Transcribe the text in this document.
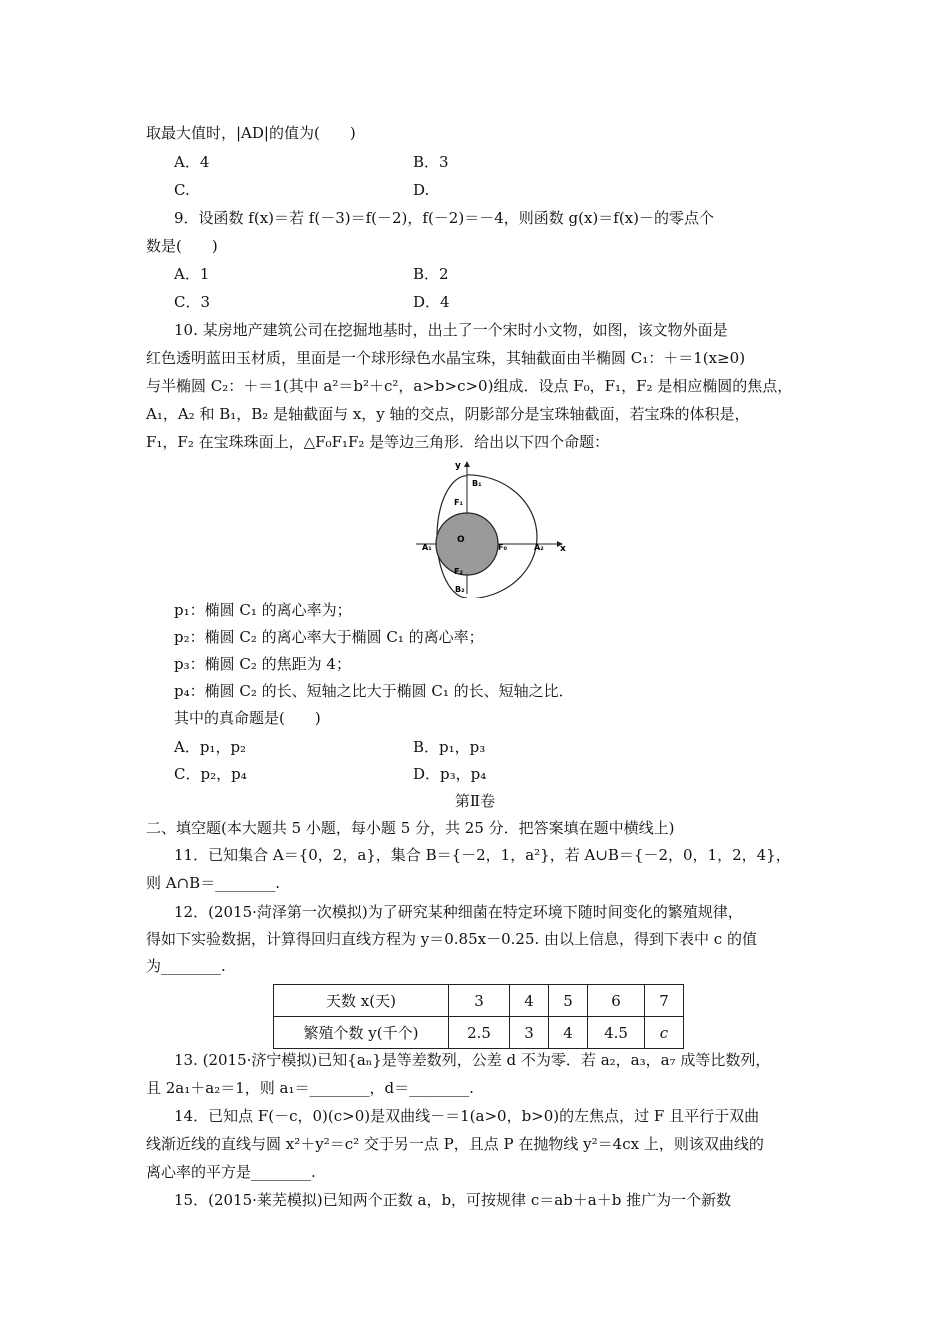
取最大值时，|AD|的值为(　　)
A．4	B．3
C.	D.
9．设函数 f(x)＝若 f(－3)＝f(－2)，f(－2)＝－4，则函数 g(x)＝f(x)－的零点个
数是(　　)
A．1	B．2
C．3	D．4
10. 某房地产建筑公司在挖掘地基时，出土了一个宋时小文物，如图，该文物外面是
红色透明蓝田玉材质，里面是一个球形绿色水晶宝珠，其轴截面由半椭圆 C₁：＋＝1(x≥0)
与半椭圆 C₂：＋＝1(其中 a²＝b²＋c²，a>b>c>0)组成．设点 F₀，F₁，F₂ 是相应椭圆的焦点，
A₁，A₂ 和 B₁，B₂ 是轴截面与 x，y 轴的交点，阴影部分是宝珠轴截面，若宝珠的体积是，
F₁，F₂ 在宝珠珠面上，△F₀F₁F₂ 是等边三角形．给出以下四个命题：
y
x
B₁
B₂
F₁
F₂
O
F₀
A₁	A₂
p₁：椭圆 C₁ 的离心率为；
p₂：椭圆 C₂ 的离心率大于椭圆 C₁ 的离心率；
p₃：椭圆 C₂ 的焦距为 4；
p₄：椭圆 C₂ 的长、短轴之比大于椭圆 C₁ 的长、短轴之比．
其中的真命题是(　　)
A．p₁，p₂	B．p₁，p₃
C．p₂，p₄	D．p₃，p₄
第Ⅱ卷
二、填空题(本大题共 5 小题，每小题 5 分，共 25 分．把答案填在题中横线上)
11．已知集合 A＝{0，2，a}，集合 B＝{－2，1，a²}，若 A∪B＝{－2，0，1，2，4}，
则 A∩B＝________.
12．(2015·菏泽第一次模拟)为了研究某种细菌在特定环境下随时间变化的繁殖规律，
得如下实验数据，计算得回归直线方程为 y＝0.85x－0.25. 由以上信息，得到下表中 c 的值
为________.
天数 x(天)	3	4	5	6	7
繁殖个数 y(千个)	2.5	3	4	4.5	c
13. (2015·济宁模拟)已知{aₙ}是等差数列，公差 d 不为零．若 a₂，a₃，a₇ 成等比数列，
且 2a₁＋a₂＝1，则 a₁＝________，d＝________.
14．已知点 F(－c，0)(c>0)是双曲线－＝1(a>0，b>0)的左焦点，过 F 且平行于双曲
线渐近线的直线与圆 x²＋y²＝c² 交于另一点 P，且点 P 在抛物线 y²＝4cx 上，则该双曲线的
离心率的平方是________.
15．(2015·莱芜模拟)已知两个正数 a，b，可按规律 c＝ab＋a＋b 推广为一个新数
